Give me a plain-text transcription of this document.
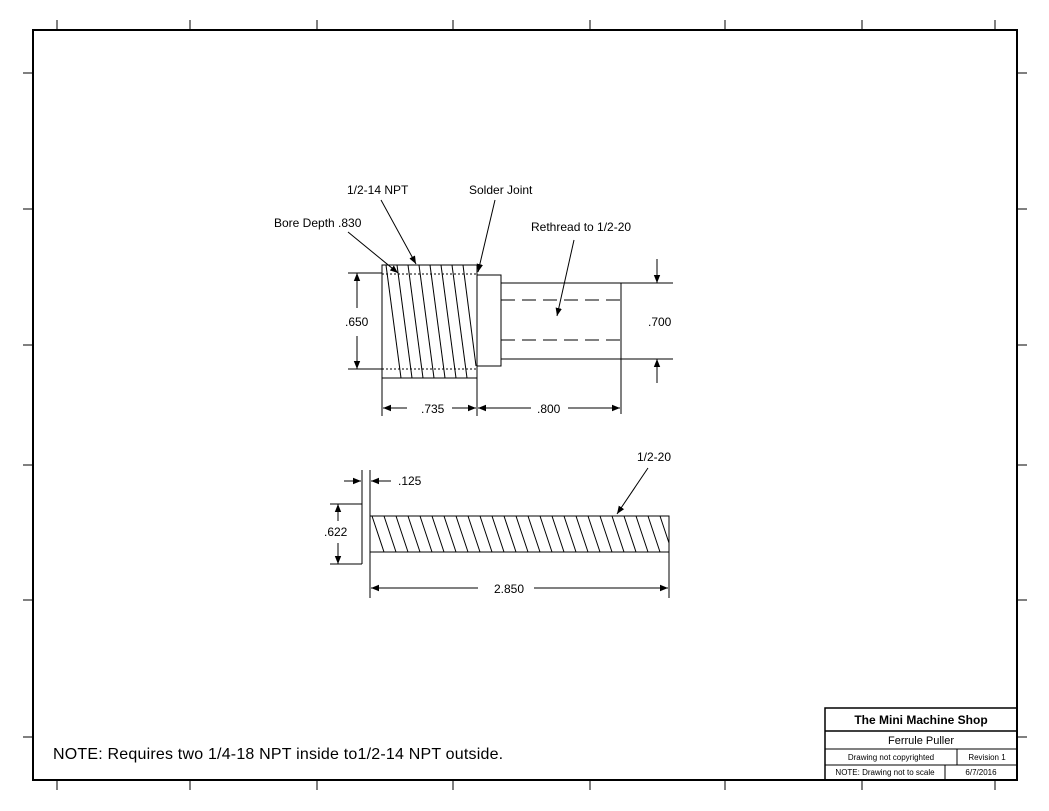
.650	.700
.735	.800
1/2-14 NPT	Solder Joint
Bore Depth .830	Rethread to 1/2-20
.125
.622
2.850
1/2-20
NOTE: Requires two 1/4-18 NPT inside to1/2-14 NPT outside.
The Mini Machine Shop
Ferrule Puller
Drawing not copyrighted	Revision 1
NOTE: Drawing not to scale	6/7/2016
